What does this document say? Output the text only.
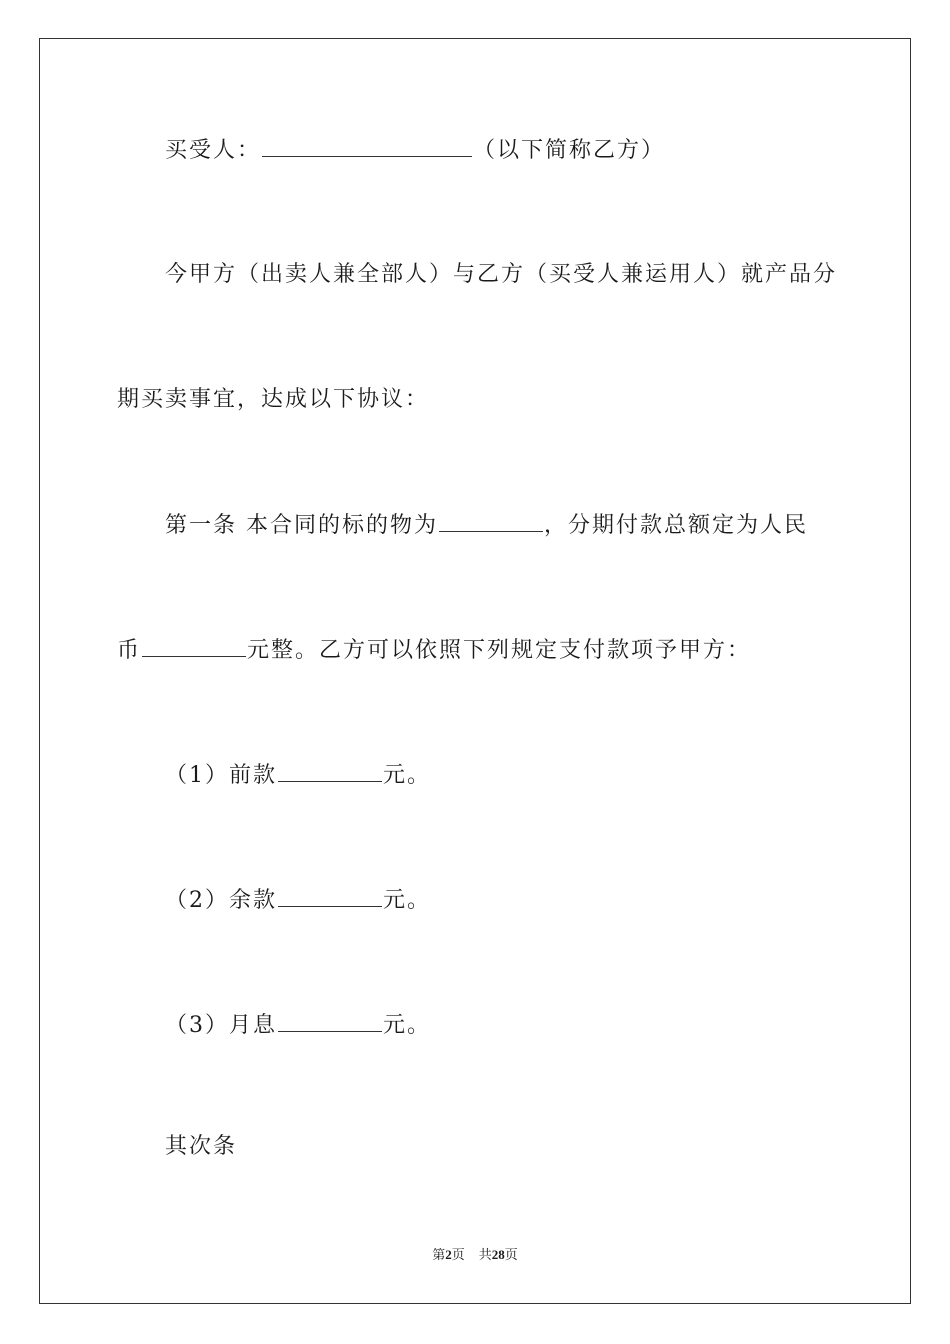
买受人：	（以下简称乙方）
今甲方（出卖人兼全部人）与乙方（买受人兼运用人）就产品分
期买卖事宜，达成以下协议：
第一条 本合同的标的物为	，分期付款总额定为人民
币	元整。乙方可以依照下列规定支付款项予甲方：
（1）前款	元。
（2）余款	元。
（3）月息	元。
其次条
第2页 共28页
